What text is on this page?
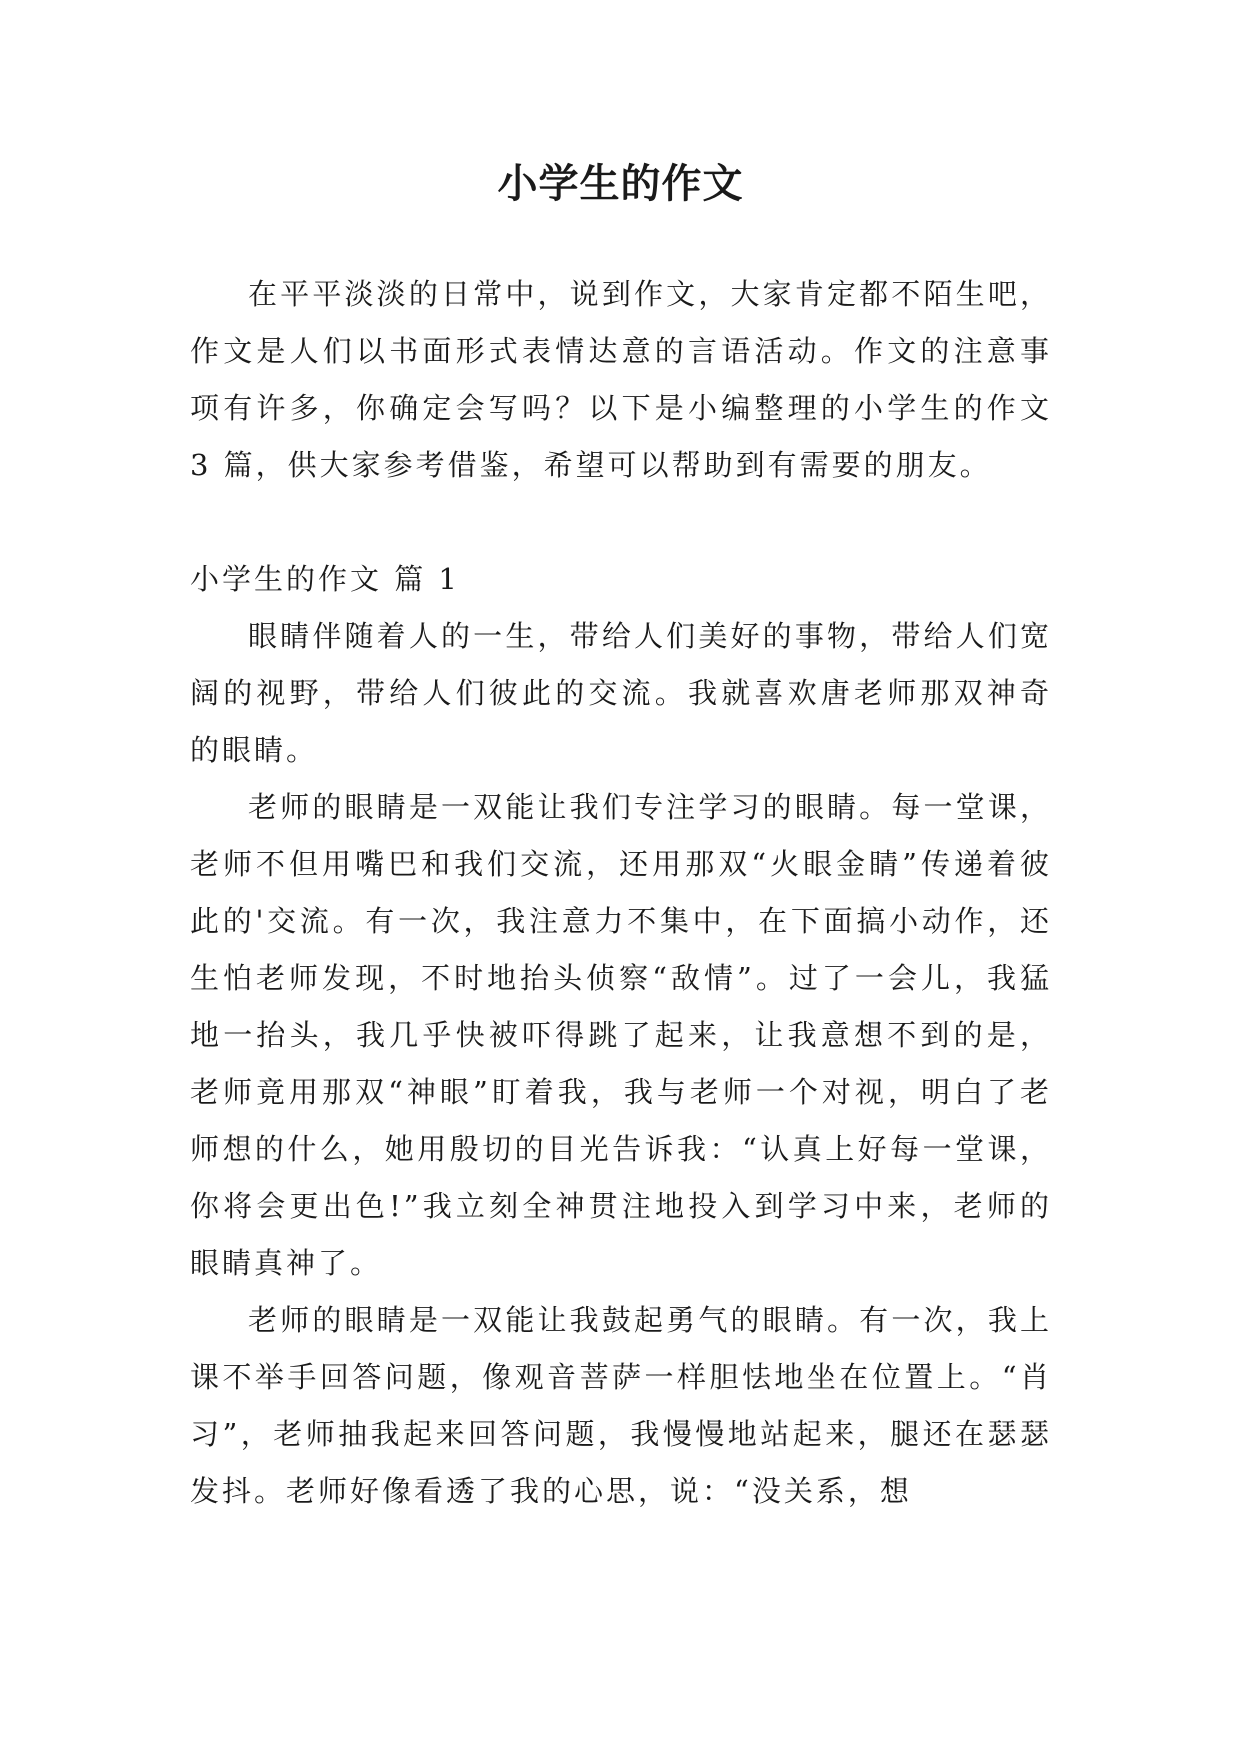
小学生的作文

在平平淡淡的日常中，说到作文，大家肯定都不陌生吧，作文是人们以书面形式表情达意的言语活动。作文的注意事项有许多，你确定会写吗？以下是小编整理的小学生的作文 3 篇，供大家参考借鉴，希望可以帮助到有需要的朋友。

小学生的作文 篇 1

眼睛伴随着人的一生，带给人们美好的事物，带给人们宽阔的视野，带给人们彼此的交流。我就喜欢唐老师那双神奇的眼睛。

老师的眼睛是一双能让我们专注学习的眼睛。每一堂课，老师不但用嘴巴和我们交流，还用那双“火眼金睛”传递着彼此的'交流。有一次，我注意力不集中，在下面搞小动作，还生怕老师发现，不时地抬头侦察“敌情”。过了一会儿，我猛地一抬头，我几乎快被吓得跳了起来，让我意想不到的是，老师竟用那双“神眼”盯着我，我与老师一个对视，明白了老师想的什么，她用殷切的目光告诉我：“认真上好每一堂课，你将会更出色!”我立刻全神贯注地投入到学习中来，老师的眼睛真神了。

老师的眼睛是一双能让我鼓起勇气的眼睛。有一次，我上课不举手回答问题，像观音菩萨一样胆怯地坐在位置上。“肖习”，老师抽我起来回答问题，我慢慢地站起来，腿还在瑟瑟发抖。老师好像看透了我的心思，说：“没关系，想
